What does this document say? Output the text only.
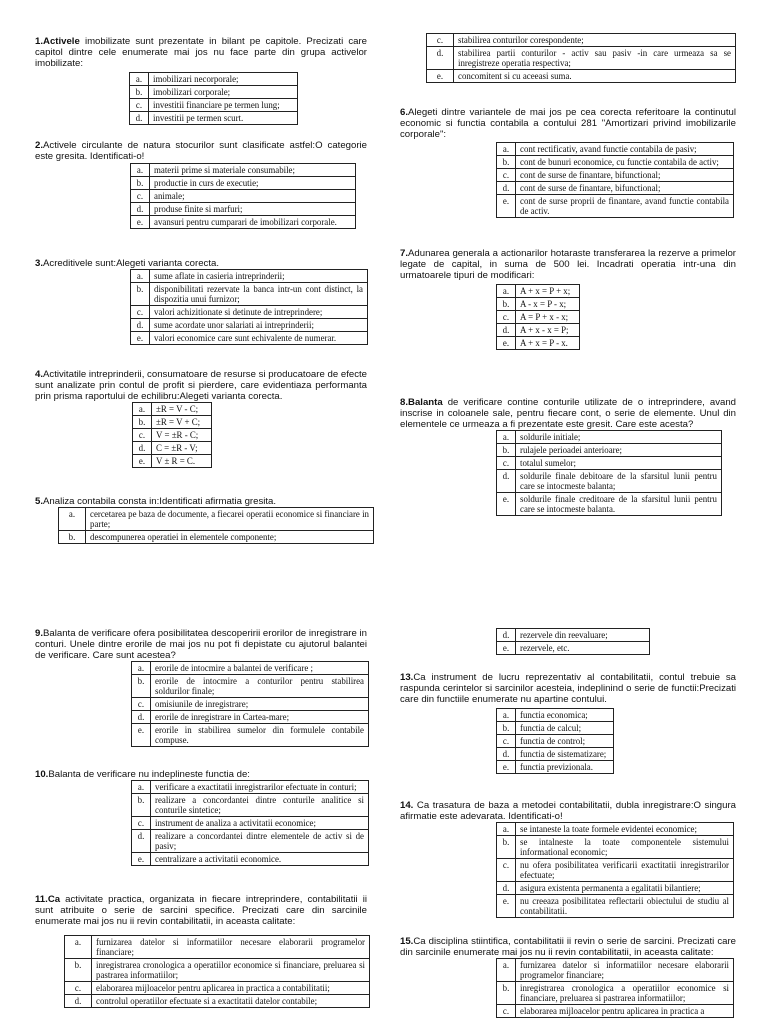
1.Activele imobilizate sunt prezentate in bilant pe capitole. Precizati care capitol dintre cele enumerate mai jos nu face parte din grupa activelor imobilizate:

a.	imobilizari necorporale;
b.	imobilizari corporale;
c.	investitii financiare pe termen lung;
d.	investitii pe termen scurt.

2.Activele circulante de natura stocurilor sunt clasificate astfel:O categorie este gresita. Identificati-o!

a.	materii prime si materiale consumabile;
b.	productie in curs de executie;
c.	animale;
d.	produse finite si marfuri;
e.	avansuri pentru cumparari de imobilizari corporale.

3.Acreditivele sunt:Alegeti varianta corecta.

a.	sume aflate in casieria intreprinderii;
b.	disponibilitati rezervate la banca intr-un cont distinct, la dispozitia unui furnizor;
c.	valori achizitionate si detinute de intreprindere;
d.	sume acordate unor salariati ai intreprinderii;
e.	valori economice care sunt echivalente de numerar.

4.Activitatile intreprinderii, consumatoare de resurse si producatoare de efecte sunt analizate prin contul de profit si pierdere, care evidentiaza performanta prin prisma raportului de echilibru:Alegeti varianta corecta.

a.	±R = V - C;
b.	±R = V + C;
c.	V = ±R - C;
d.	C = ±R - V;
e.	V ± R = C.

5.Analiza contabila consta in:Identificati afirmatia gresita.

a.	cercetarea pe baza de documente, a fiecarei operatii economice si financiare in parte;
b.	descompunerea operatiei in elementele componente;
c.	stabilirea conturilor corespondente;
d.	stabilirea partii conturilor - activ sau pasiv -in care urmeaza sa se inregistreze operatia respectiva;
e.	concomitent si cu aceeasi suma.

6.Alegeti dintre variantele de mai jos pe cea corecta referitoare la continutul economic si functia contabila a contului 281 "Amortizari privind imobilizarile corporale":

a.	cont rectificativ, avand functie contabila de pasiv;
b.	cont de bunuri economice, cu functie contabila de activ;
c.	cont de surse de finantare, bifunctional;
d.	cont de surse de finantare, bifunctional;
e.	cont de surse proprii de finantare, avand functie contabila de activ.

7.Adunarea generala a actionarilor hotaraste transferarea la rezerve a primelor legate de capital, in suma de 500 lei. Incadrati operatia intr-una din urmatoarele tipuri de modificari:

a.	A + x = P + x;
b.	A - x = P - x;
c.	A = P + x - x;
d.	A + x - x = P;
e.	A + x = P - x.

8.Balanta de verificare contine conturile utilizate de o intreprindere, avand inscrise in coloanele sale, pentru fiecare cont, o serie de elemente. Unul din elementele ce urmeaza a fi prezentate este gresit. Care este acesta?

a.	soldurile initiale;
b.	rulajele perioadei anterioare;
c.	totalul sumelor;
d.	soldurile finale debitoare de la sfarsitul lunii pentru care se intocmeste balanta;
e.	soldurile finale creditoare de la sfarsitul lunii pentru care se intocmeste balanta.

9.Balanta de verificare ofera posibilitatea descoperirii erorilor de inregistrare in conturi. Unele dintre erorile de mai jos nu pot fi depistate cu ajutorul balantei de verificare. Care sunt acestea?

a.	erorile de intocmire a balantei de verificare ;
b.	erorile de intocmire a conturilor pentru stabilirea soldurilor finale;
c.	omisiunile de inregistrare;
d.	erorile de inregistrare in Cartea-mare;
e.	erorile in stabilirea sumelor din formulele contabile compuse.

10.Balanta de verificare nu indeplineste functia de:

a.	verificare a exactitatii inregistrarilor efectuate in conturi;
b.	realizare a concordantei dintre conturile analitice si conturile sintetice;
c.	instrument de analiza a activitatii economice;
d.	realizare a concordantei dintre elementele de activ si de pasiv;
e.	centralizare a activitatii economice.

11.Ca activitate practica, organizata in fiecare intreprindere, contabilitatii ii sunt atribuite o serie de sarcini specifice. Precizati care din sarcinile enumerate mai jos nu ii revin contabilitatii, in aceasta calitate:

a.	furnizarea datelor si informatiilor necesare elaborarii programelor financiare;
b.	inregistrarea cronologica a operatiilor economice si financiare, preluarea si pastrarea informatiilor;
c.	elaborarea mijloacelor pentru aplicarea in practica a contabilitatii;
d.	controlul operatiilor efectuate si a exactitatii datelor contabile;
d.	rezervele din reevaluare;
e.	rezervele, etc.

13.Ca instrument de lucru reprezentativ al contabilitatii, contul trebuie sa raspunda cerintelor si sarcinilor acesteia, indeplinind o serie de functii:Precizati care din functiile enumerate nu apartine contului.

a.	functia economica;
b.	functia de calcul;
c.	functia de control;
d.	functia de sistematizare;
e.	functia previzionala.

14. Ca trasatura de baza a metodei contabilitatii, dubla inregistrare:O singura afirmatie este adevarata. Identificati-o!

a.	se intaneste la toate formele evidentei economice;
b.	se intalneste la toate componentele sistemului informational economic;
c.	nu ofera posibilitatea verificarii exactitatii inregistrarilor efectuate;
d.	asigura existenta permanenta a egalitatii bilantiere;
e.	nu creeaza posibilitatea reflectarii obiectului de studiu al contabilitatii.

15.Ca disciplina stiintifica, contabilitatii ii revin o serie de sarcini. Precizati care din sarcinile enumerate mai jos nu ii revin contabilitatii, in aceasta calitate:

a.	furnizarea datelor si informatiilor necesare elaborarii programelor financiare;
b.	inregistrarea cronologica a operatiilor economice si financiare, preluarea si pastrarea informatiilor;
c.	elaborarea mijloacelor pentru aplicarea in practica a
